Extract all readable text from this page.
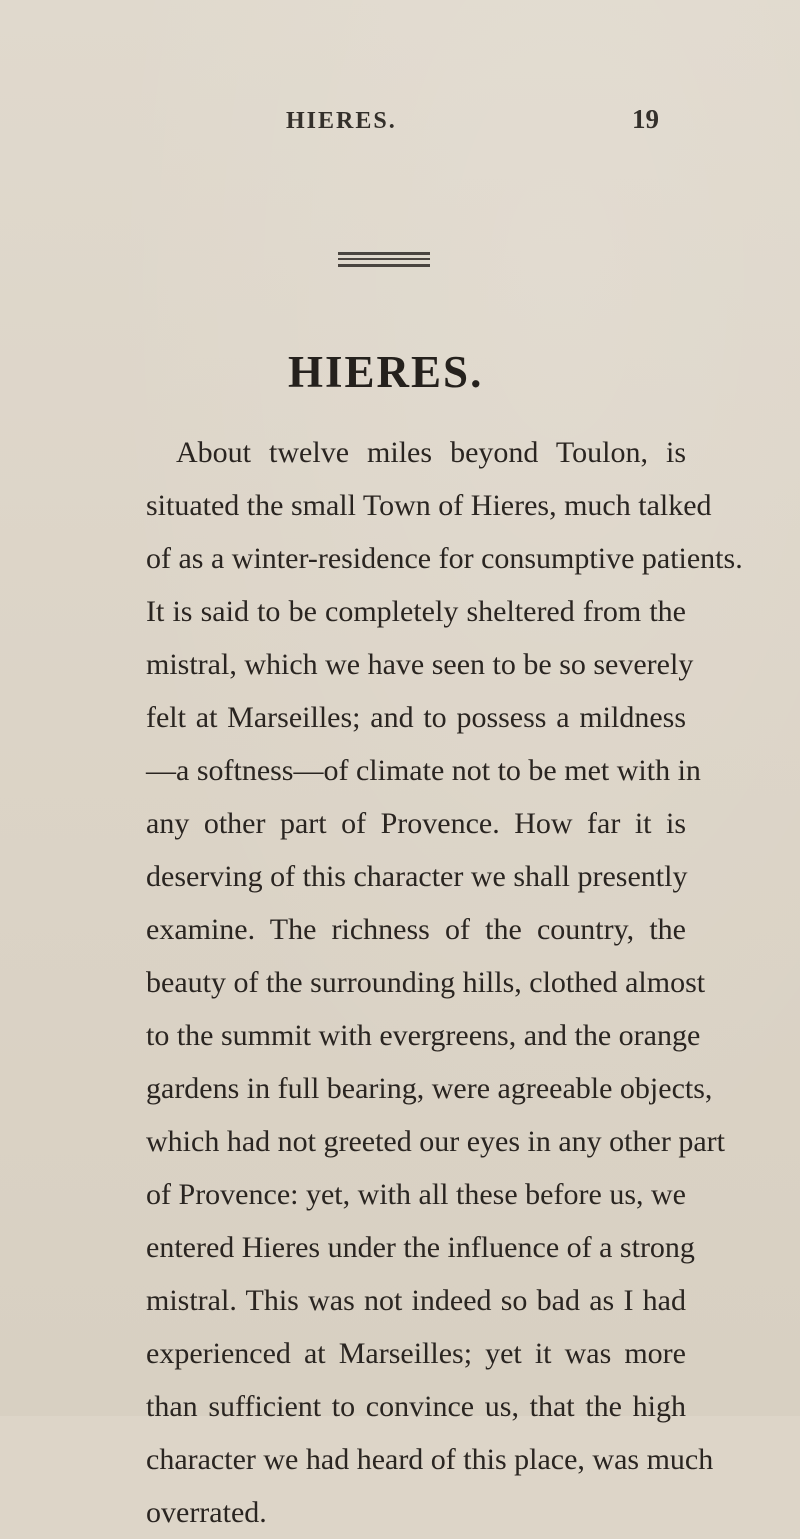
HIERES.	19
HIERES.
About twelve miles beyond Toulon, is
situated the small Town of Hieres, much talked
of as a winter-residence for consumptive patients.
It is said to be completely sheltered from the
mistral, which we have seen to be so severely
felt at Marseilles; and to possess a mildness
—a softness—of climate not to be met with in
any other part of Provence. How far it is
deserving of this character we shall presently
examine. The richness of the country, the
beauty of the surrounding hills, clothed almost
to the summit with evergreens, and the orange
gardens in full bearing, were agreeable objects,
which had not greeted our eyes in any other part
of Provence: yet, with all these before us, we
entered Hieres under the influence of a strong
mistral. This was not indeed so bad as I had
experienced at Marseilles; yet it was more
than sufficient to convince us, that the high
character we had heard of this place, was much
overrated.
